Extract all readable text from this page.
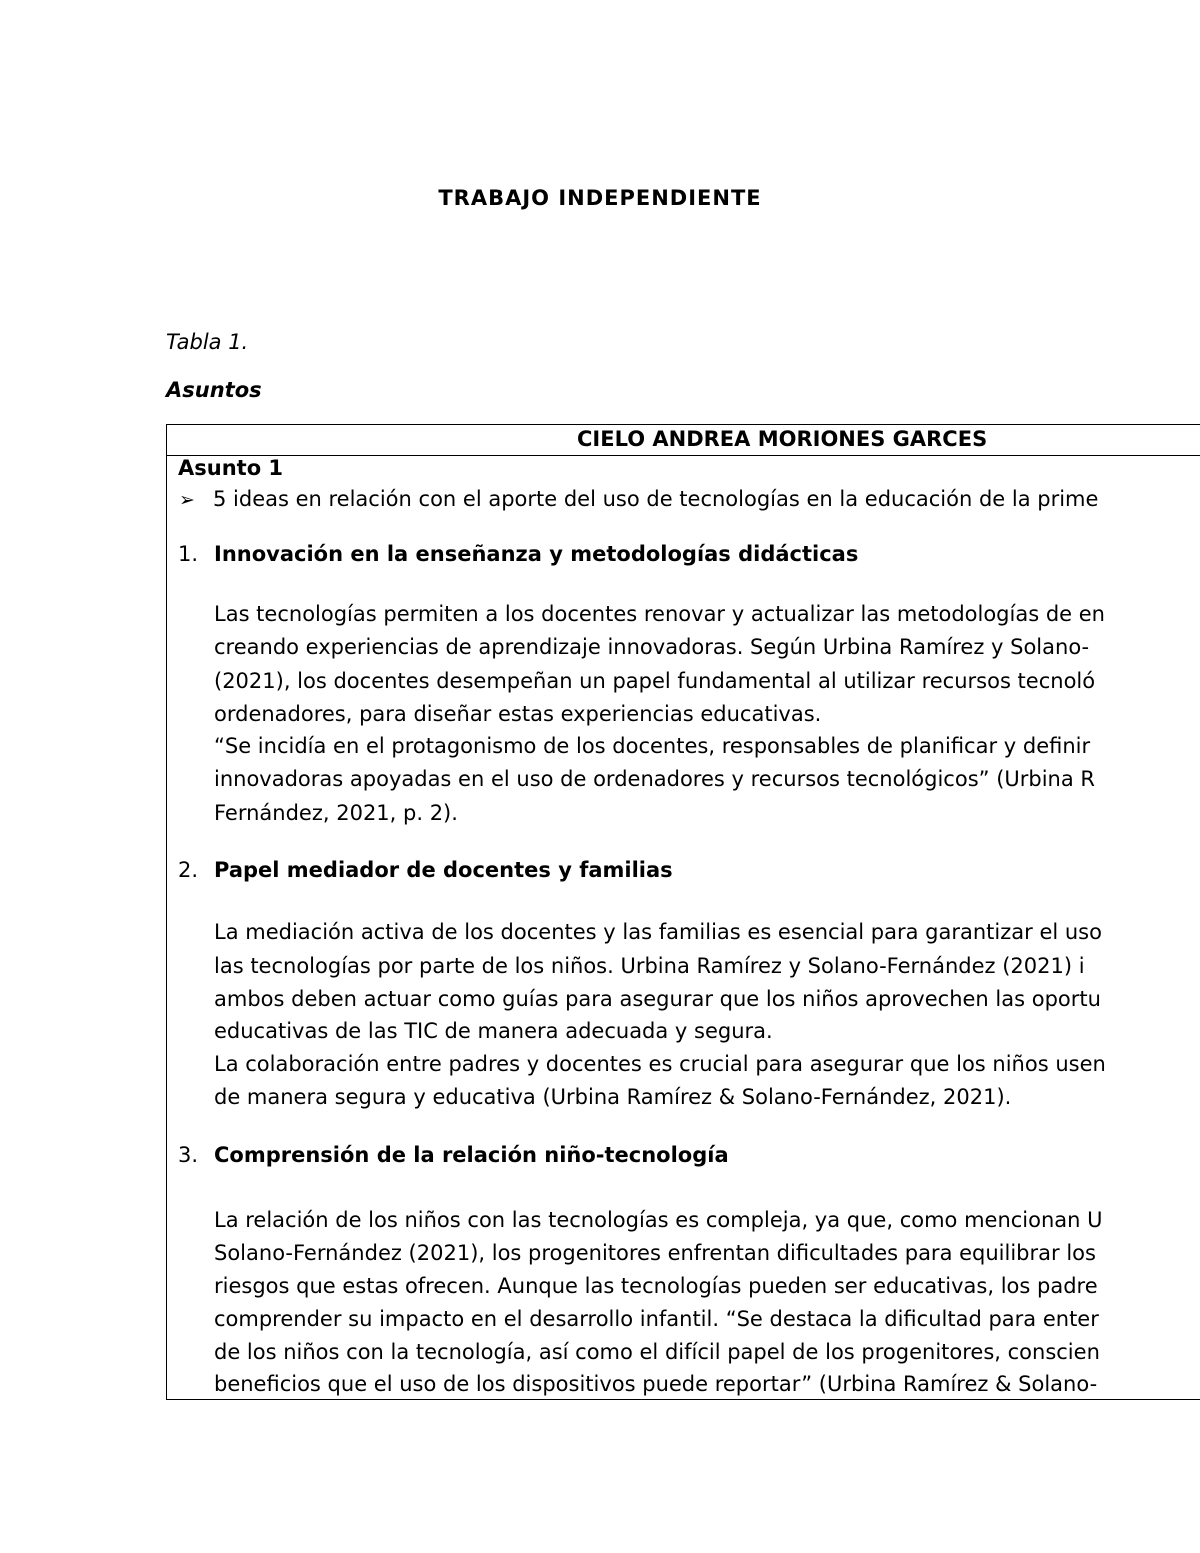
TRABAJO INDEPENDIENTE
Tabla 1.
Asuntos
CIELO ANDREA MORIONES GARCES
Asunto 1
➢ 5 ideas en relación con el aporte del uso de tecnologías en la educación de la prime
1. Innovación en la enseñanza y metodologías didácticas
Las tecnologías permiten a los docentes renovar y actualizar las metodologías de en
creando experiencias de aprendizaje innovadoras. Según Urbina Ramírez y Solano-
(2021), los docentes desempeñan un papel fundamental al utilizar recursos tecnoló
ordenadores, para diseñar estas experiencias educativas.
“Se incidía en el protagonismo de los docentes, responsables de planificar y definir
innovadoras apoyadas en el uso de ordenadores y recursos tecnológicos” (Urbina R
Fernández, 2021, p. 2).
2. Papel mediador de docentes y familias
La mediación activa de los docentes y las familias es esencial para garantizar el uso
las tecnologías por parte de los niños. Urbina Ramírez y Solano-Fernández (2021) i
ambos deben actuar como guías para asegurar que los niños aprovechen las oportu
educativas de las TIC de manera adecuada y segura.
La colaboración entre padres y docentes es crucial para asegurar que los niños usen
de manera segura y educativa (Urbina Ramírez & Solano-Fernández, 2021).
3. Comprensión de la relación niño-tecnología
La relación de los niños con las tecnologías es compleja, ya que, como mencionan U
Solano-Fernández (2021), los progenitores enfrentan dificultades para equilibrar los
riesgos que estas ofrecen. Aunque las tecnologías pueden ser educativas, los padre
comprender su impacto en el desarrollo infantil. “Se destaca la dificultad para enter
de los niños con la tecnología, así como el difícil papel de los progenitores, conscien
beneficios que el uso de los dispositivos puede reportar” (Urbina Ramírez & Solano-
